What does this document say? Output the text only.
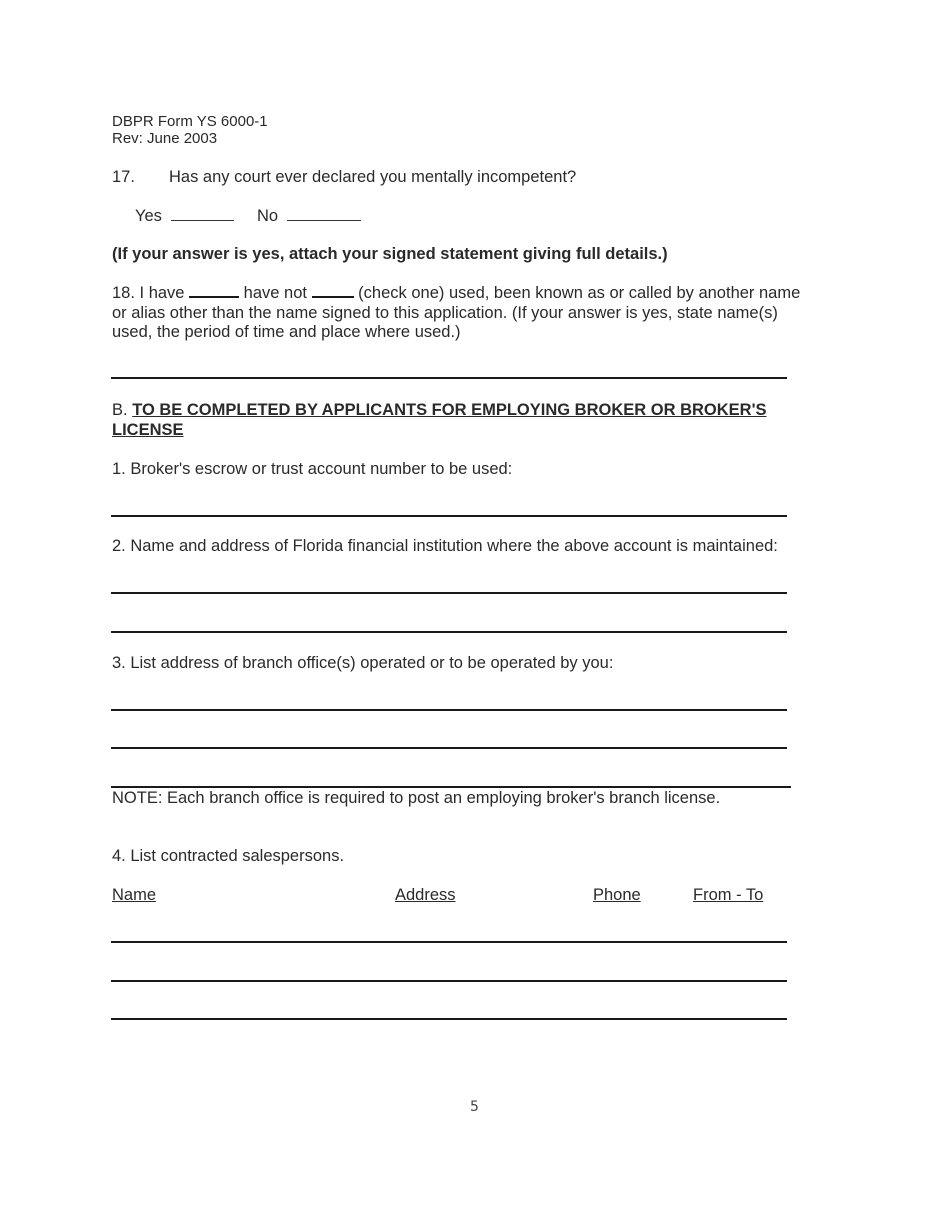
DBPR Form YS 6000-1
Rev: June 2003
17. Has any court ever declared you mentally incompetent?
Yes	No
(If your answer is yes, attach your signed statement giving full details.)
18. I have	have not	(check one) used, been known as or called by another name
or alias other than the name signed to this application. (If your answer is yes, state name(s)
used, the period of time and place where used.)
B. TO BE COMPLETED BY APPLICANTS FOR EMPLOYING BROKER OR BROKER'S
LICENSE
1. Broker's escrow or trust account number to be used:
2. Name and address of Florida financial institution where the above account is maintained:
3. List address of branch office(s) operated or to be operated by you:
NOTE: Each branch office is required to post an employing broker's branch license.
4. List contracted salespersons.
Name	Address	Phone	From - To
5
